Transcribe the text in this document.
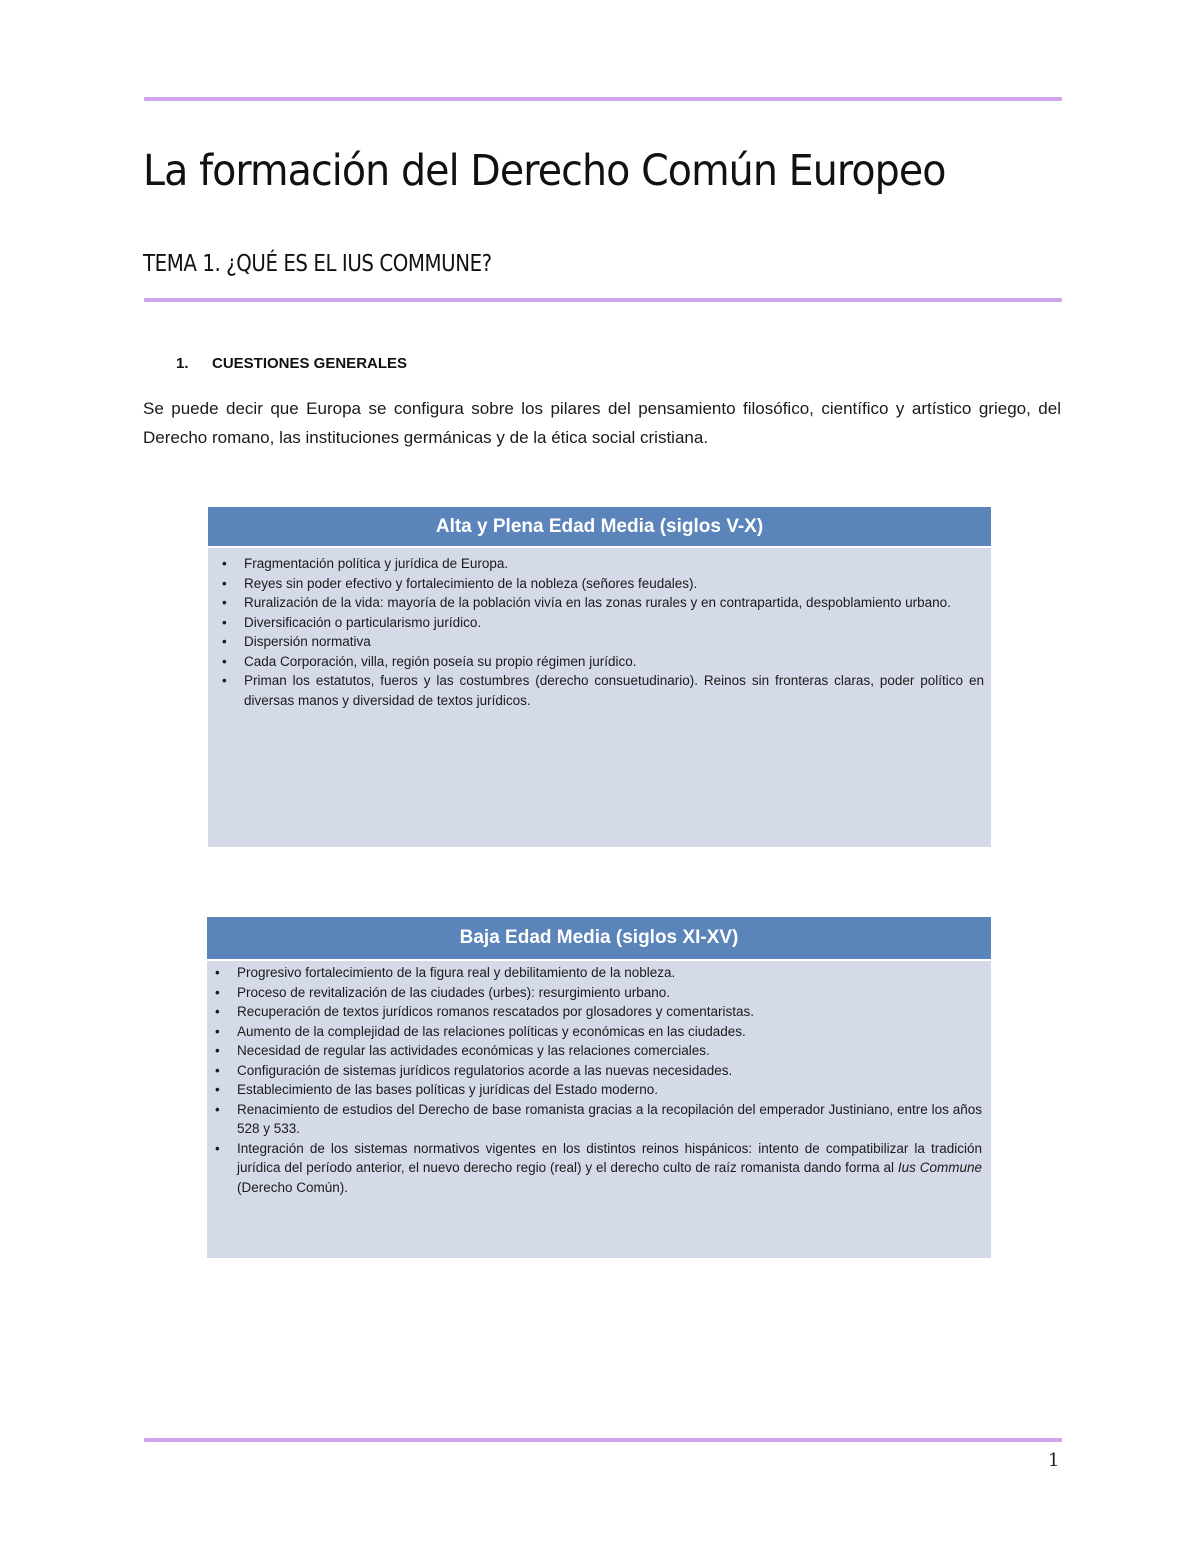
La formación del Derecho Común Europeo
TEMA 1. ¿QUÉ ES EL IUS COMMUNE?
1. CUESTIONES GENERALES

Se puede decir que Europa se configura sobre los pilares del pensamiento filosófico, científico y artístico griego, del Derecho romano, las instituciones germánicas y de la ética social cristiana.

Alta y Plena Edad Media (siglos V-X)
• Fragmentación política y jurídica de Europa.
• Reyes sin poder efectivo y fortalecimiento de la nobleza (señores feudales).
• Ruralización de la vida: mayoría de la población vivía en las zonas rurales y en contrapartida, despoblamiento urbano.
• Diversificación o particularismo jurídico.
• Dispersión normativa
• Cada Corporación, villa, región poseía su propio régimen jurídico.
• Priman los estatutos, fueros y las costumbres (derecho consuetudinario). Reinos sin fronteras claras, poder político en diversas manos y diversidad de textos jurídicos.
Baja Edad Media (siglos XI-XV)
• Progresivo fortalecimiento de la figura real y debilitamiento de la nobleza.
• Proceso de revitalización de las ciudades (urbes): resurgimiento urbano.
• Recuperación de textos jurídicos romanos rescatados por glosadores y comentaristas.
• Aumento de la complejidad de las relaciones políticas y económicas en las ciudades.
• Necesidad de regular las actividades económicas y las relaciones comerciales.
• Configuración de sistemas jurídicos regulatorios acorde a las nuevas necesidades.
• Establecimiento de las bases políticas y jurídicas del Estado moderno.
• Renacimiento de estudios del Derecho de base romanista gracias a la recopilación del emperador Justiniano, entre los años 528 y 533.
• Integración de los sistemas normativos vigentes en los distintos reinos hispánicos: intento de compatibilizar la tradición jurídica del período anterior, el nuevo derecho regio (real) y el derecho culto de raíz romanista dando forma al Ius Commune (Derecho Común).
1
